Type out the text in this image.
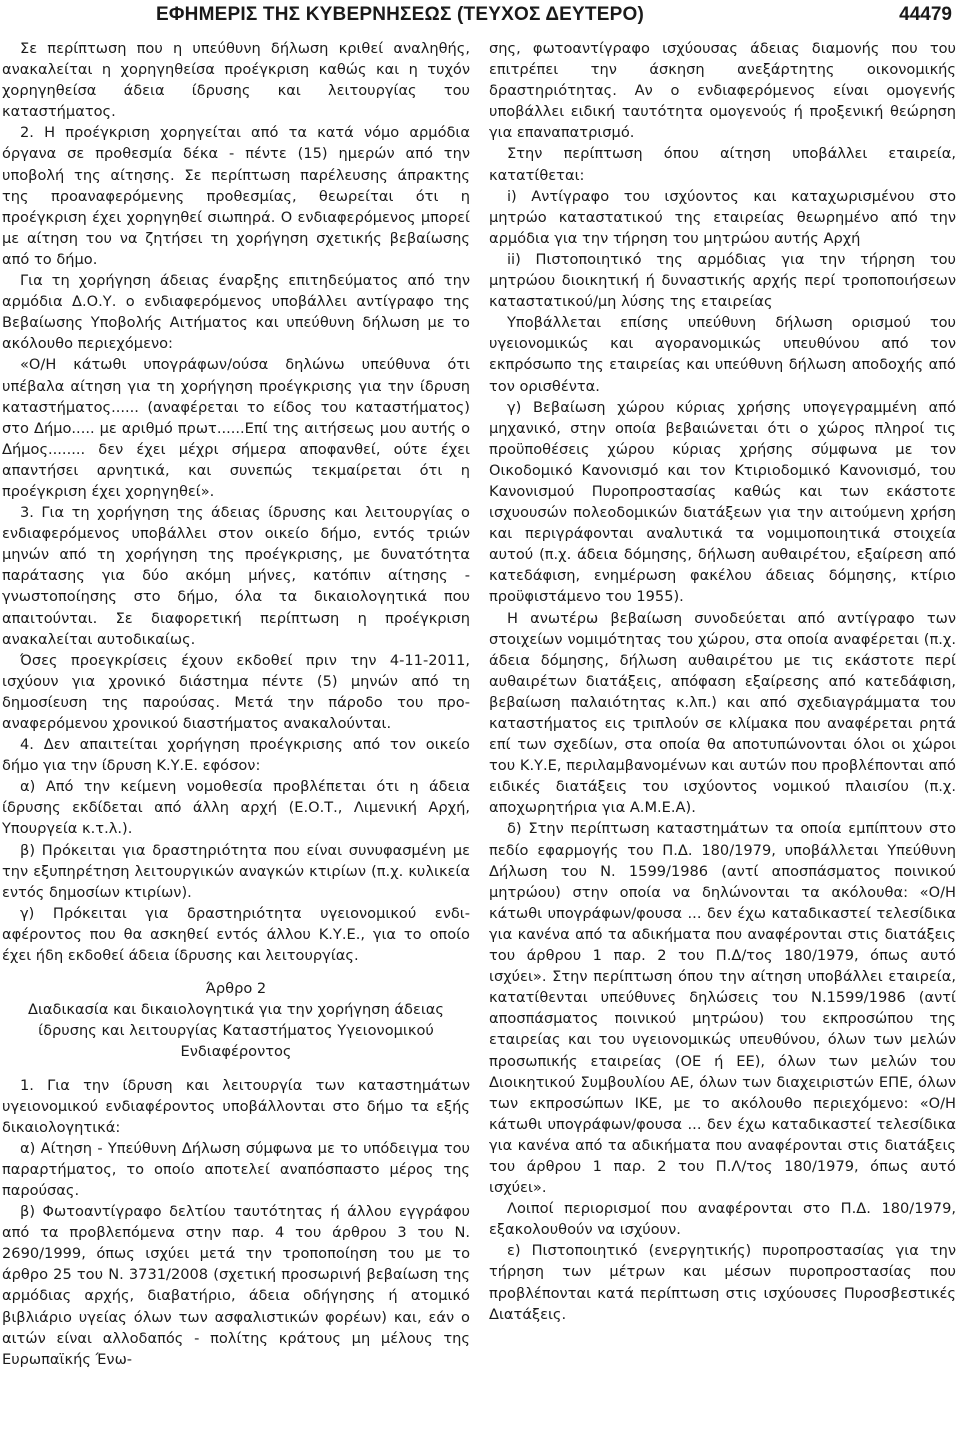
ΕΦΗΜΕΡΙΣ ΤΗΣ ΚΥΒΕΡΝΗΣΕΩΣ (ΤΕΥΧΟΣ ΔΕΥΤΕΡΟ)	44479

Σε περίπτωση που η υπεύθυνη δήλωση κριθεί αναληθής, ανακαλείται η χορηγηθείσα προέγκριση καθώς και η τυχόν χορηγηθείσα άδεια ίδρυσης και λειτουργίας του καταστήματος.

2. Η προέγκριση χορηγείται από τα κατά νόμο αρμόδια όργανα σε προθεσμία δέκα - πέντε (15) ημερών από την υποβολή της αίτησης. Σε περίπτωση παρέλευσης άπρακτης της προαναφερόμενης προθεσμίας, θεωρείται ότι η προέγκριση έχει χορηγηθεί σιωπηρά. Ο ενδιαφερόμενος μπορεί με αίτηση του να ζητήσει τη χορήγηση σχετικής βεβαίωσης από το δήμο.

Για τη χορήγηση άδειας έναρξης επιτηδεύματος από την αρμόδια Δ.Ο.Υ. ο ενδιαφερόμενος υποβάλλει αντίγραφο της Βεβαίωσης Υποβολής Αιτήματος και υπεύθυνη δήλωση με το ακόλουθο περιεχόμενο:

«Ο/Η κάτωθι υπογράφων/ούσα δηλώνω υπεύθυνα ότι υπέβαλα αίτηση για τη χορήγηση προέγκρισης για την ίδρυση καταστήματος...... (αναφέρεται το είδος του καταστήματος) στο Δήμο..... με αριθμό πρωτ......Επί της αιτήσεως μου αυτής ο Δήμος........ δεν έχει μέχρι σήμερα αποφανθεί, ούτε έχει απαντήσει αρνητικά, και συνεπώς τεκμαίρεται ότι η προέγκριση έχει χορηγηθεί».

3. Για τη χορήγηση της άδειας ίδρυσης και λειτουργίας ο ενδιαφερόμενος υποβάλλει στον οικείο δήμο, εντός τριών μηνών από τη χορήγηση της προέγκρισης, με δυνατότητα παράτασης για δύο ακόμη μήνες, κατόπιν αίτησης - γνωστοποίησης στο δήμο, όλα τα δικαιολογητικά που απαιτούνται. Σε διαφορετική περίπτωση η προέγκριση ανακαλείται αυτοδικαίως.

Όσες προεγκρίσεις έχουν εκδοθεί πριν την 4-11-2011, ισχύουν για χρονικό διάστημα πέντε (5) μηνών από τη δημοσίευση της παρούσας. Μετά την πάροδο του προαναφερόμενου χρονικού διαστήματος ανακαλούνται.

4. Δεν απαιτείται χορήγηση προέγκρισης από τον οικείο δήμο για την ίδρυση Κ.Υ.Ε. εφόσον:

α) Από την κείμενη νομοθεσία προβλέπεται ότι η άδεια ίδρυσης εκδίδεται από άλλη αρχή (Ε.Ο.Τ., Λιμενική Αρχή, Υπουργεία κ.τ.λ.).

β) Πρόκειται για δραστηριότητα που είναι συνυφασμένη με την εξυπηρέτηση λειτουργικών αναγκών κτιρίων (π.χ. κυλικεία εντός δημοσίων κτιρίων).

γ) Πρόκειται για δραστηριότητα υγειονομικού ενδιαφέροντος που θα ασκηθεί εντός άλλου Κ.Υ.Ε., για το οποίο έχει ήδη εκδοθεί άδεια ίδρυσης και λειτουργίας.

Άρθρο 2

Διαδικασία και δικαιολογητικά για την χορήγηση άδειας ίδρυσης και λειτουργίας Καταστήματος Υγειονομικού Ενδιαφέροντος

1. Για την ίδρυση και λειτουργία των καταστημάτων υγειονομικού ενδιαφέροντος υποβάλλονται στο δήμο τα εξής δικαιολογητικά:

α) Αίτηση - Υπεύθυνη Δήλωση σύμφωνα με το υπόδειγμα του παραρτήματος, το οποίο αποτελεί αναπόσπαστο μέρος της παρούσας.

β) Φωτοαντίγραφο δελτίου ταυτότητας ή άλλου εγγράφου από τα προβλεπόμενα στην παρ. 4 του άρθρου 3 του Ν. 2690/1999, όπως ισχύει μετά την τροποποίηση του με το άρθρο 25 του Ν. 3731/2008 (σχετική προσωρινή βεβαίωση της αρμόδιας αρχής, διαβατήριο, άδεια οδήγησης ή ατομικό βιβλιάριο υγείας όλων των ασφαλιστικών φορέων) και, εάν ο αιτών είναι αλλοδαπός - πολίτης κράτους μη μέλους της Ευρωπαϊκής Ένω-

σης, φωτοαντίγραφο ισχύουσας άδειας διαμονής που του επιτρέπει την άσκηση ανεξάρτητης οικονομικής δραστηριότητας. Αν ο ενδιαφερόμενος είναι ομογενής υποβάλλει ειδική ταυτότητα ομογενούς ή προξενική θεώρηση για επαναπατρισμό.

Στην περίπτωση όπου αίτηση υποβάλλει εταιρεία, κατατίθεται:

i) Αντίγραφο του ισχύοντος και καταχωρισμένου στο μητρώο καταστατικού της εταιρείας θεωρημένο από την αρμόδια για την τήρηση του μητρώου αυτής Αρχή

ii) Πιστοποιητικό της αρμόδιας για την τήρηση του μητρώου διοικητική ή δυναστικής αρχής περί τροποποιήσεων καταστατικού/μη λύσης της εταιρείας

Υποβάλλεται επίσης υπεύθυνη δήλωση ορισμού του υγειονομικώς και αγορανομικώς υπευθύνου από τον εκπρόσωπο της εταιρείας και υπεύθυνη δήλωση αποδοχής από τον ορισθέντα.

γ) Βεβαίωση χώρου κύριας χρήσης υπογεγραμμένη από μηχανικό, στην οποία βεβαιώνεται ότι ο χώρος πληροί τις προϋποθέσεις χώρου κύριας χρήσης σύμφωνα με τον Οικοδομικό Κανονισμό και τον Κτιριοδομικό Κανονισμό, του Κανονισμού Πυροπροστασίας καθώς και των εκάστοτε ισχυουσών πολεοδομικών διατάξεων για την αιτούμενη χρήση και περιγράφονται αναλυτικά τα νομιμοποιητικά στοιχεία αυτού (π.χ. άδεια δόμησης, δήλωση αυθαιρέτου, εξαίρεση από κατεδάφιση, ενημέρωση φακέλου άδειας δόμησης, κτίριο προϋφιστάμενο του 1955).

Η ανωτέρω βεβαίωση συνοδεύεται από αντίγραφο των στοιχείων νομιμότητας του χώρου, στα οποία αναφέρεται (π.χ. άδεια δόμησης, δήλωση αυθαιρέτου με τις εκάστοτε περί αυθαιρέτων διατάξεις, απόφαση εξαίρεσης από κατεδάφιση, βεβαίωση παλαιότητας κ.λπ.) και από σχεδιαγράμματα του καταστήματος εις τριπλούν σε κλίμακα που αναφέρεται ρητά επί των σχεδίων, στα οποία θα αποτυπώνονται όλοι οι χώροι του Κ.Υ.Ε, περιλαμβανομένων και αυτών που προβλέπονται από ειδικές διατάξεις του ισχύοντος νομικού πλαισίου (π.χ. αποχωρητήρια για Α.Μ.Ε.Α).

δ) Στην περίπτωση καταστημάτων τα οποία εμπίπτουν στο πεδίο εφαρμογής του Π.Δ. 180/1979, υποβάλλεται Υπεύθυνη Δήλωση του Ν. 1599/1986 (αντί αποσπάσματος ποινικού μητρώου) στην οποία να δηλώνονται τα ακόλουθα: «Ο/Η κάτωθι υπογράφων/φουσα ... δεν έχω καταδικαστεί τελεσίδικα για κανένα από τα αδικήματα που αναφέρονται στις διατάξεις του άρθρου 1 παρ. 2 του Π.Δ/τος 180/1979, όπως αυτό ισχύει». Στην περίπτωση όπου την αίτηση υποβάλλει εταιρεία, κατατίθενται υπεύθυνες δηλώσεις του Ν.1599/1986 (αντί αποσπάσματος ποινικού μητρώου) του εκπροσώπου της εταιρείας και του υγειονομικώς υπευθύνου, όλων των μελών προσωπικής εταιρείας (ΟΕ ή ΕΕ), όλων των μελών του Διοικητικού Συμβουλίου ΑΕ, όλων των διαχειριστών ΕΠΕ, όλων των εκπροσώπων ΙΚΕ, με το ακόλουθο περιεχόμενο: «Ο/Η κάτωθι υπογράφων/φουσα ... δεν έχω καταδικαστεί τελεσίδικα για κανένα από τα αδικήματα που αναφέρονται στις διατάξεις του άρθρου 1 παρ. 2 του Π.Λ/τος 180/1979, όπως αυτό ισχύει».

Λοιποί περιορισμοί που αναφέρονται στο Π.Δ. 180/1979, εξακολουθούν να ισχύουν.

ε) Πιστοποιητικό (ενεργητικής) πυροπροστασίας για την τήρηση των μέτρων και μέσων πυροπροστασίας που προβλέπονται κατά περίπτωση στις ισχύουσες Πυροσβεστικές Διατάξεις.
